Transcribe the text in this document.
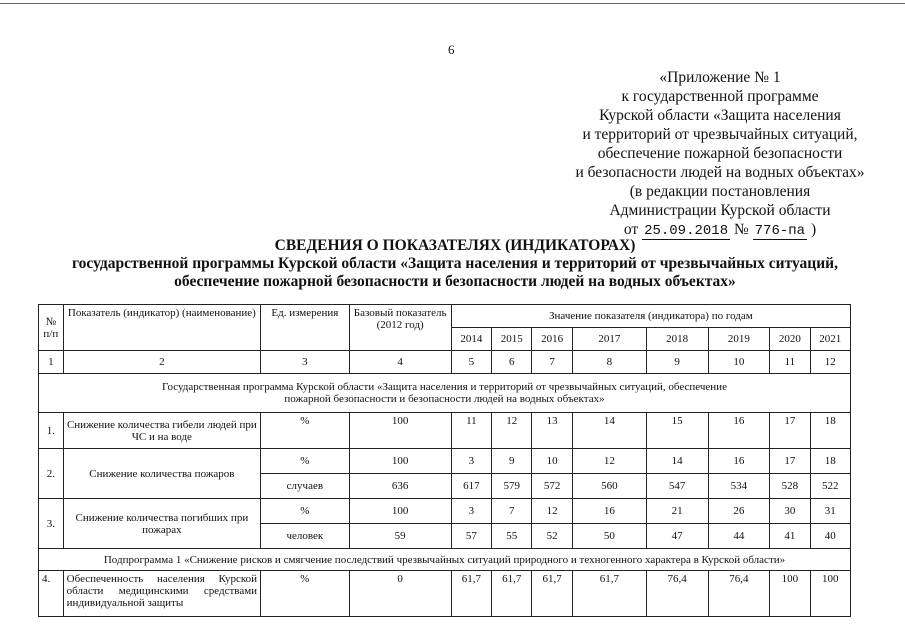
6
«Приложение № 1
к государственной программе
Курской области «Защита населения
и территорий от чрезвычайных ситуаций,
обеспечение пожарной безопасности
и безопасности людей на водных объектах»
(в редакции постановления
Администрации Курской области
от 25.09.2018 № 776-па )
СВЕДЕНИЯ О ПОКАЗАТЕЛЯХ (ИНДИКАТОРАХ)
государственной программы Курской области «Защита населения и территорий от чрезвычайных ситуаций,
обеспечение пожарной безопасности и безопасности людей на водных объектах»
№ п/п	Показатель (индикатор) (наименование)	Ед. измерения	Базовый показатель (2012 год)	Значение показателя (индикатора) по годам							
				2014	2015	2016	2017	2018	2019	2020	2021
1	2	3	4	5	6	7	8	9	10	11	12
Государственная программа Курской области «Защита населения и территорий от чрезвычайных ситуаций, обеспечение пожарной безопасности и безопасности людей на водных объектах»											
1.	Снижение количества гибели людей при ЧС и на воде	%	100	11	12	13	14	15	16	17	18
2.	Снижение количества пожаров	%	100	3	9	10	12	14	16	17	18
		случаев	636	617	579	572	560	547	534	528	522
3.	Снижение количества погибших при пожарах	%	100	3	7	12	16	21	26	30	31
		человек	59	57	55	52	50	47	44	41	40
Подпрограмма 1 «Снижение рисков и смягчение последствий чрезвычайных ситуаций природного и техногенного характера в Курской области»											
4.	Обеспеченность населения Курской области медицинскими средствами индивидуальной защиты	%	0	61,7	61,7	61,7	61,7	76,4	76,4	100	100
